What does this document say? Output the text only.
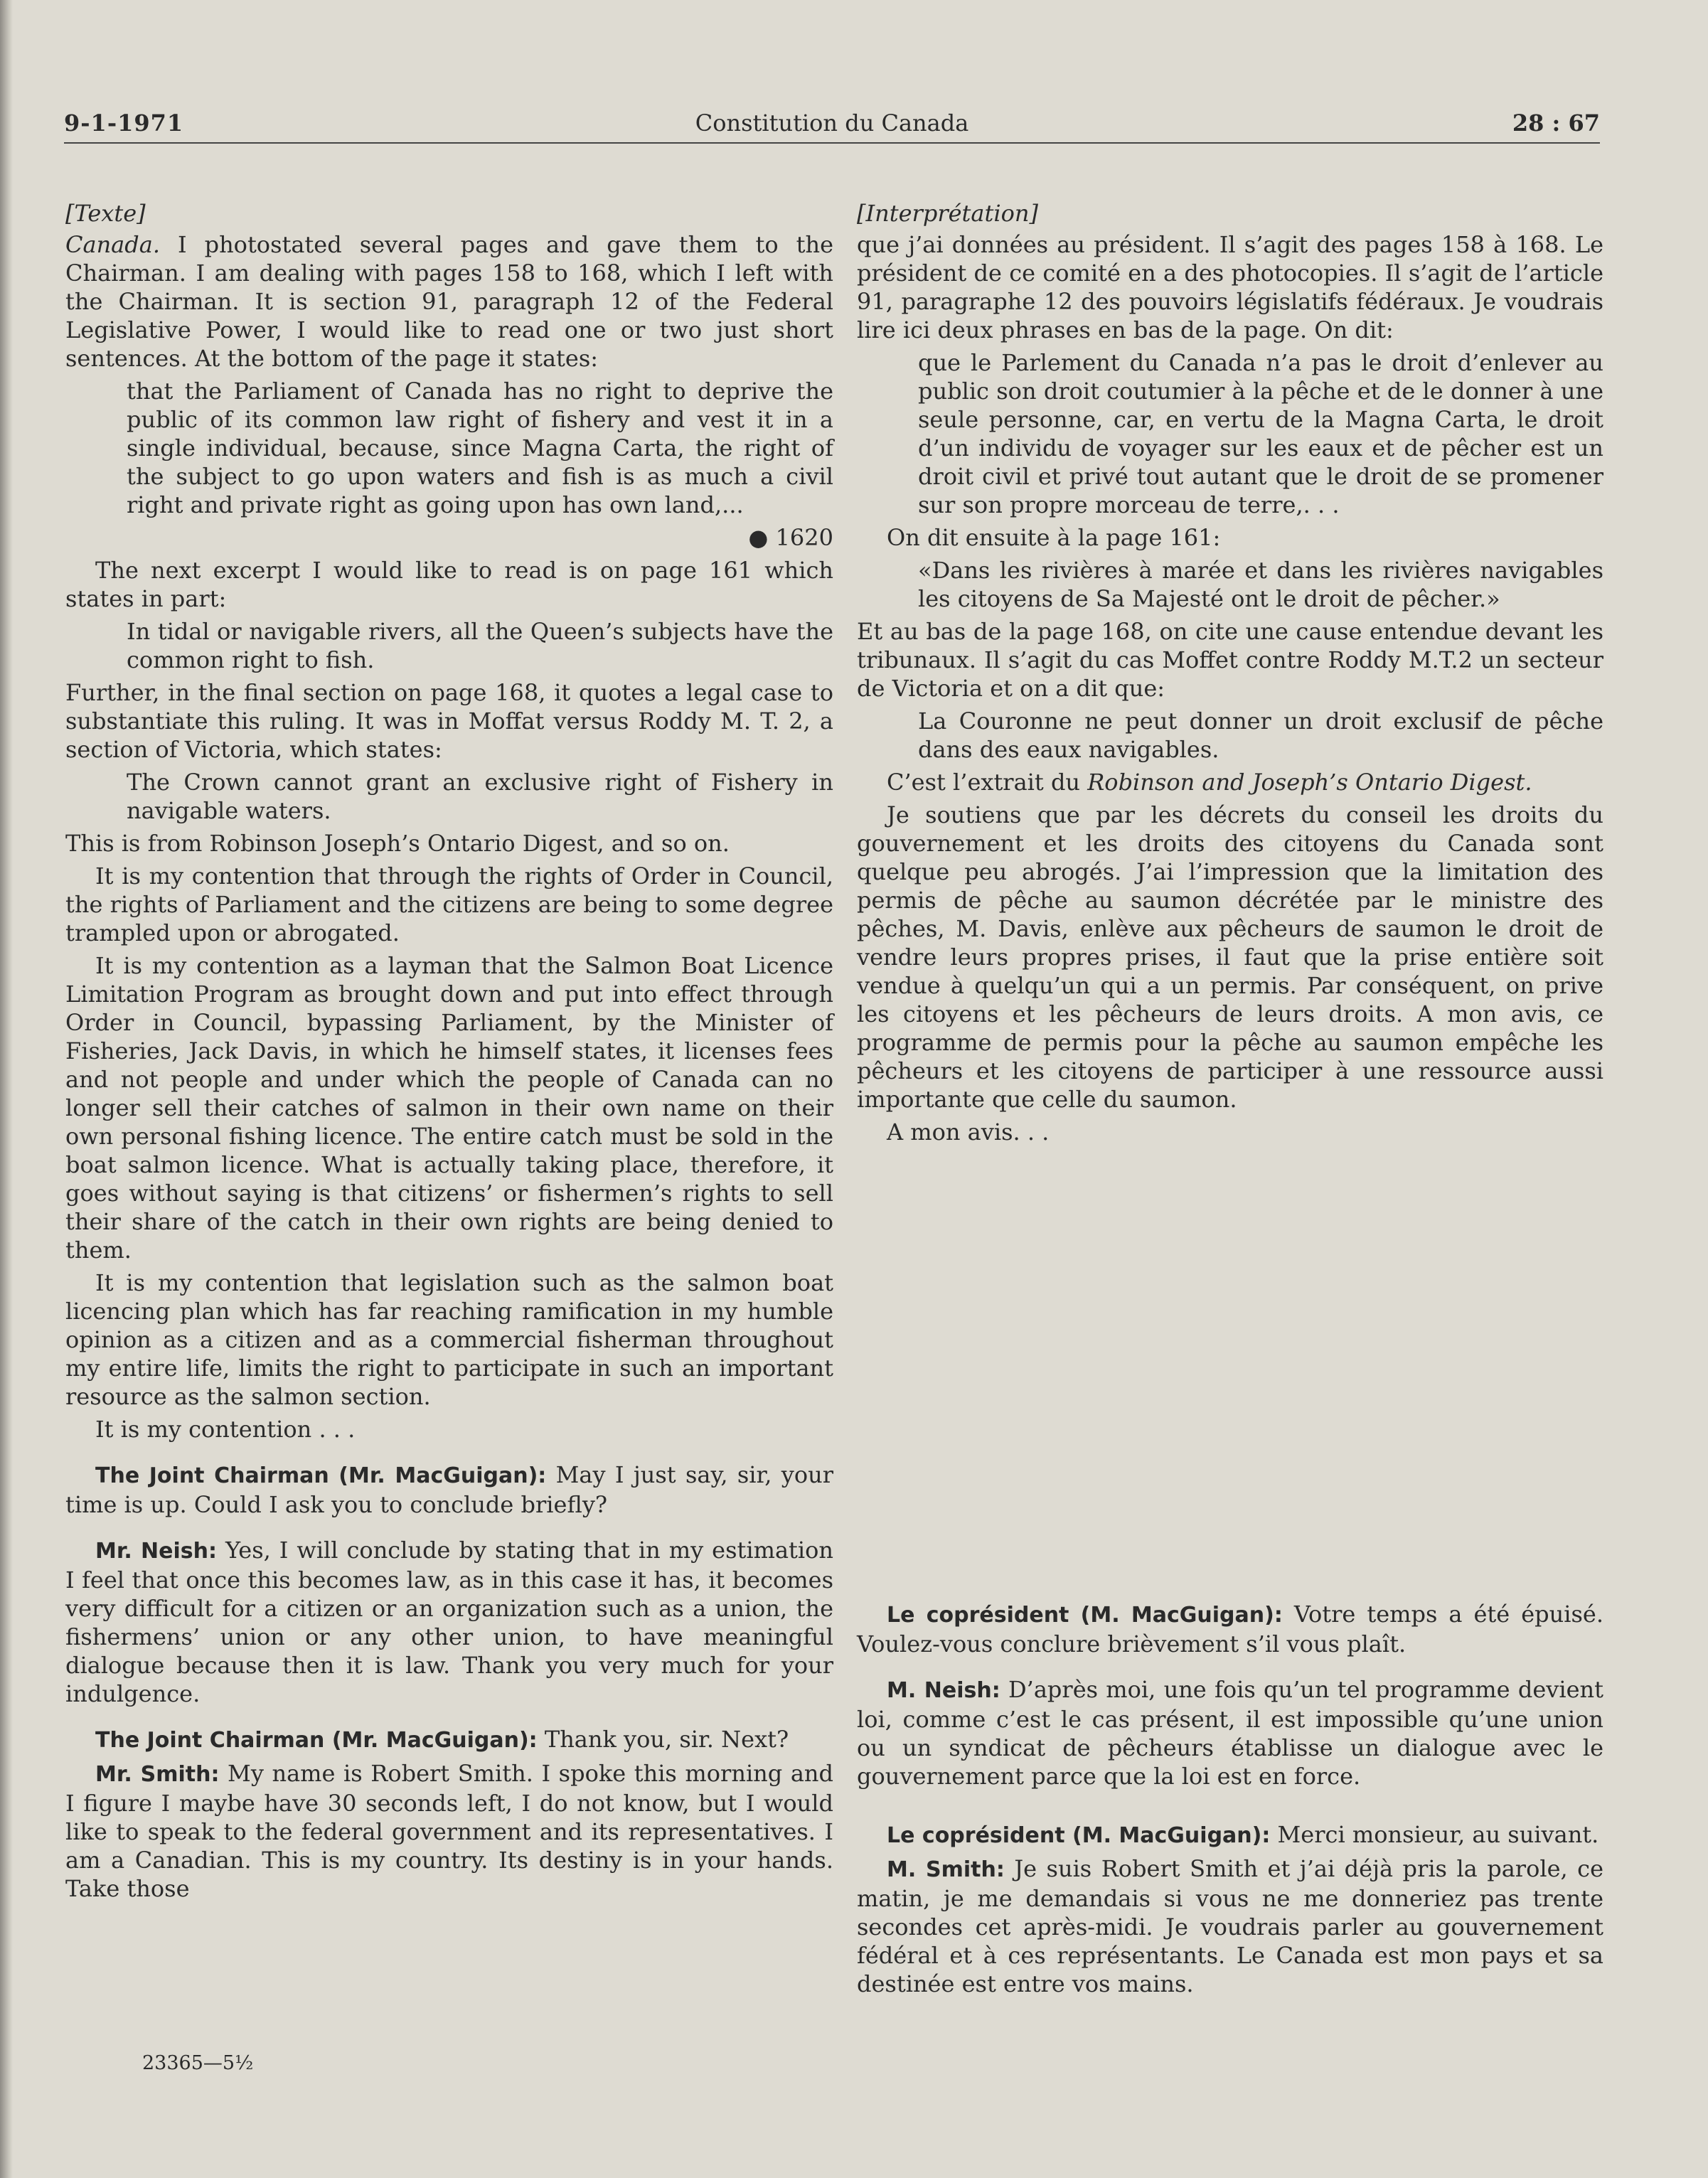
9-1-1971	Constitution du Canada	28 : 67

[Texte]

Canada. I photostated several pages and gave them to the Chairman. I am dealing with pages 158 to 168, which I left with the Chairman. It is section 91, paragraph 12 of the Federal Legislative Power, I would like to read one or two just short sentences. At the bottom of the page it states:

that the Parliament of Canada has no right to deprive the public of its common law right of fishery and vest it in a single individual, because, since Magna Carta, the right of the subject to go upon waters and fish is as much a civil right and private right as going upon has own land,...

● 1620

The next excerpt I would like to read is on page 161 which states in part:

In tidal or navigable rivers, all the Queen’s subjects have the common right to fish.

Further, in the final section on page 168, it quotes a legal case to substantiate this ruling. It was in Moffat versus Roddy M. T. 2, a section of Victoria, which states:

The Crown cannot grant an exclusive right of Fishery in navigable waters.

This is from Robinson Joseph’s Ontario Digest, and so on.

It is my contention that through the rights of Order in Council, the rights of Parliament and the citizens are being to some degree trampled upon or abrogated.

It is my contention as a layman that the Salmon Boat Licence Limitation Program as brought down and put into effect through Order in Council, bypassing Parliament, by the Minister of Fisheries, Jack Davis, in which he himself states, it licenses fees and not people and under which the people of Canada can no longer sell their catches of salmon in their own name on their own personal fishing licence. The entire catch must be sold in the boat salmon licence. What is actually taking place, therefore, it goes without saying is that citizens’ or fishermen’s rights to sell their share of the catch in their own rights are being denied to them.

It is my contention that legislation such as the salmon boat licencing plan which has far reaching ramification in my humble opinion as a citizen and as a commercial fisherman throughout my entire life, limits the right to participate in such an important resource as the salmon section.

It is my contention . . .

The Joint Chairman (Mr. MacGuigan): May I just say, sir, your time is up. Could I ask you to conclude briefly?

Mr. Neish: Yes, I will conclude by stating that in my estimation I feel that once this becomes law, as in this case it has, it becomes very difficult for a citizen or an organization such as a union, the fishermens’ union or any other union, to have meaningful dialogue because then it is law. Thank you very much for your indulgence.

The Joint Chairman (Mr. MacGuigan): Thank you, sir. Next?

Mr. Smith: My name is Robert Smith. I spoke this morning and I figure I maybe have 30 seconds left, I do not know, but I would like to speak to the federal government and its representatives. I am a Canadian. This is my country. Its destiny is in your hands. Take those

[Interprétation]

que j’ai données au président. Il s’agit des pages 158 à 168. Le président de ce comité en a des photocopies. Il s’agit de l’article 91, paragraphe 12 des pouvoirs législatifs fédéraux. Je voudrais lire ici deux phrases en bas de la page. On dit:

que le Parlement du Canada n’a pas le droit d’enlever au public son droit coutumier à la pêche et de le donner à une seule personne, car, en vertu de la Magna Carta, le droit d’un individu de voyager sur les eaux et de pêcher est un droit civil et privé tout autant que le droit de se promener sur son propre morceau de terre,. . .

On dit ensuite à la page 161:

«Dans les rivières à marée et dans les rivières navigables les citoyens de Sa Majesté ont le droit de pêcher.»

Et au bas de la page 168, on cite une cause entendue devant les tribunaux. Il s’agit du cas Moffet contre Roddy M.T.2 un secteur de Victoria et on a dit que:

La Couronne ne peut donner un droit exclusif de pêche dans des eaux navigables.

C’est l’extrait du Robinson and Joseph’s Ontario Digest.

Je soutiens que par les décrets du conseil les droits du gouvernement et les droits des citoyens du Canada sont quelque peu abrogés. J’ai l’impression que la limitation des permis de pêche au saumon décrétée par le ministre des pêches, M. Davis, enlève aux pêcheurs de saumon le droit de vendre leurs propres prises, il faut que la prise entière soit vendue à quelqu’un qui a un permis. Par conséquent, on prive les citoyens et les pêcheurs de leurs droits. A mon avis, ce programme de permis pour la pêche au saumon empêche les pêcheurs et les citoyens de participer à une ressource aussi importante que celle du saumon.

A mon avis. . .

Le coprésident (M. MacGuigan): Votre temps a été épuisé. Voulez-vous conclure brièvement s’il vous plaît.

M. Neish: D’après moi, une fois qu’un tel programme devient loi, comme c’est le cas présent, il est impossible qu’une union ou un syndicat de pêcheurs établisse un dialogue avec le gouvernement parce que la loi est en force.

Le coprésident (M. MacGuigan): Merci monsieur, au suivant.

M. Smith: Je suis Robert Smith et j’ai déjà pris la parole, ce matin, je me demandais si vous ne me donneriez pas trente secondes cet après-midi. Je voudrais parler au gouvernement fédéral et à ces représentants. Le Canada est mon pays et sa destinée est entre vos mains.

23365—5½
